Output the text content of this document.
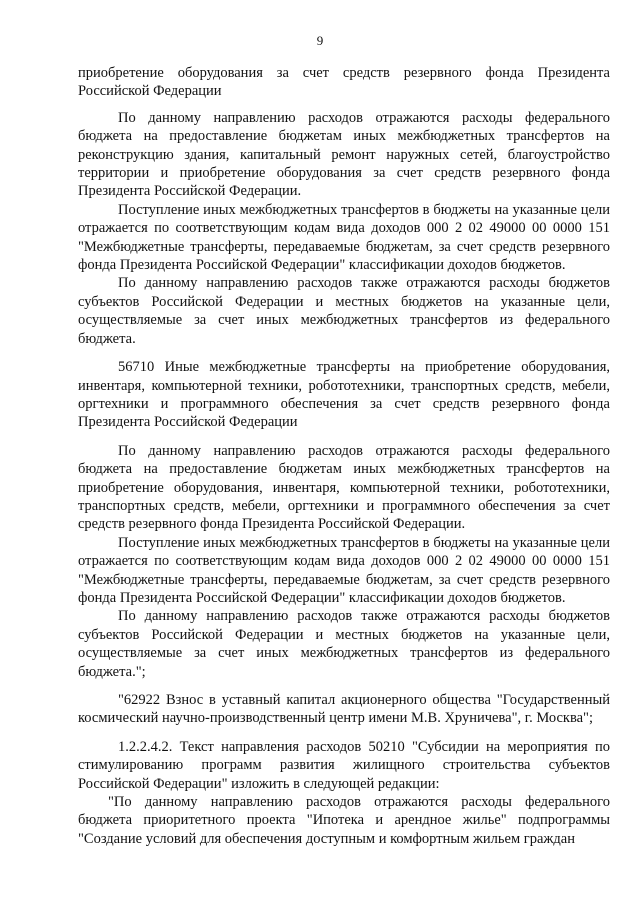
9

приобретение оборудования за счет средств резервного фонда Президента Российской Федерации

По данному направлению расходов отражаются расходы федерального бюджета на предоставление бюджетам иных межбюджетных трансфертов на реконструкцию здания, капитальный ремонт наружных сетей, благоустройство территории и приобретение оборудования за счет средств резервного фонда Президента Российской Федерации.

Поступление иных межбюджетных трансфертов в бюджеты на указанные цели отражается по соответствующим кодам вида доходов 000 2 02 49000 00 0000 151 "Межбюджетные трансферты, передаваемые бюджетам, за счет средств резервного фонда Президента Российской Федерации" классификации доходов бюджетов.

По данному направлению расходов также отражаются расходы бюджетов субъектов Российской Федерации и местных бюджетов на указанные цели, осуществляемые за счет иных межбюджетных трансфертов из федерального бюджета.

56710 Иные межбюджетные трансферты на приобретение оборудования, инвентаря, компьютерной техники, робототехники, транспортных средств, мебели, оргтехники и программного обеспечения за счет средств резервного фонда Президента Российской Федерации

По данному направлению расходов отражаются расходы федерального бюджета на предоставление бюджетам иных межбюджетных трансфертов на приобретение оборудования, инвентаря, компьютерной техники, робототехники, транспортных средств, мебели, оргтехники и программного обеспечения за счет средств резервного фонда Президента Российской Федерации.

Поступление иных межбюджетных трансфертов в бюджеты на указанные цели отражается по соответствующим кодам вида доходов 000 2 02 49000 00 0000 151 "Межбюджетные трансферты, передаваемые бюджетам, за счет средств резервного фонда Президента Российской Федерации" классификации доходов бюджетов.

По данному направлению расходов также отражаются расходы бюджетов субъектов Российской Федерации и местных бюджетов на указанные цели, осуществляемые за счет иных межбюджетных трансфертов из федерального бюджета.";

"62922 Взнос в уставный капитал акционерного общества "Государственный космический научно-производственный центр имени М.В. Хруничева", г. Москва";

1.2.2.4.2. Текст направления расходов 50210 "Субсидии на мероприятия по стимулированию программ развития жилищного строительства субъектов Российской Федерации" изложить в следующей редакции:

"По данному направлению расходов отражаются расходы федерального бюджета приоритетного проекта "Ипотека и арендное жилье" подпрограммы "Создание условий для обеспечения доступным и комфортным жильем граждан
